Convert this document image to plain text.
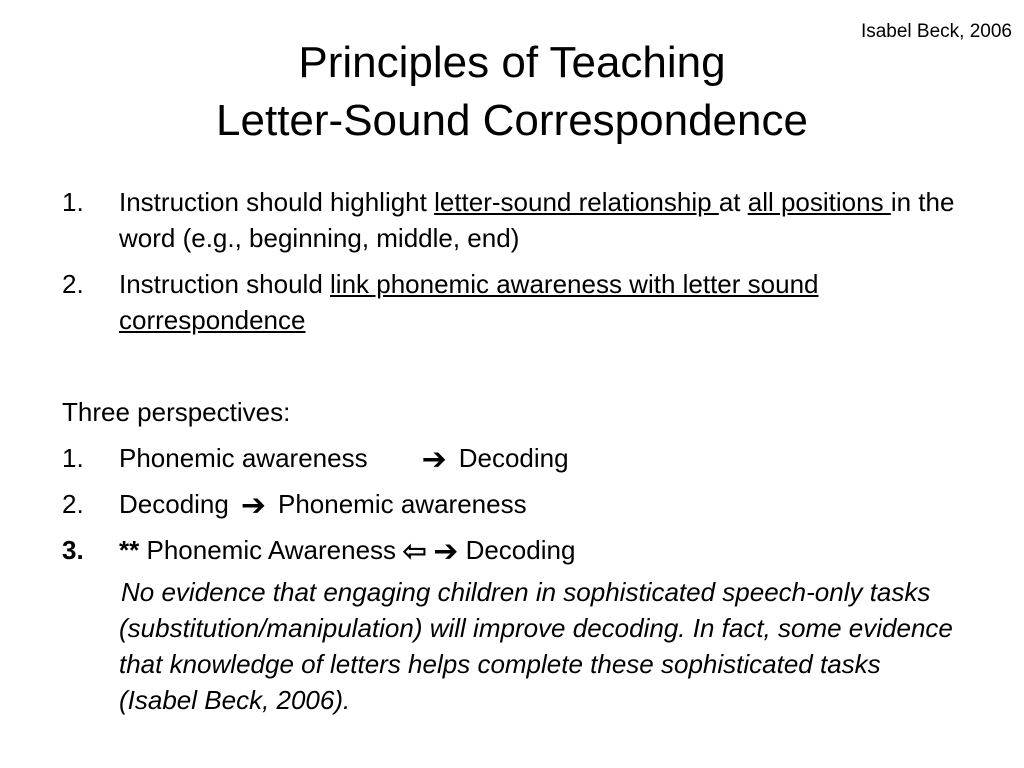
Isabel Beck, 2006
Principles of Teaching
Letter-Sound Correspondence
1.	Instruction should highlight letter-sound relationship at all positions in the word (e.g., beginning, middle, end)
2.	Instruction should link phonemic awareness with letter sound correspondence
Three perspectives:
1.	Phonemic awareness ➔ Decoding
2.	Decoding ➔ Phonemic awareness
3.	** Phonemic Awareness ⇦ ➔ Decoding
No evidence that engaging children in sophisticated speech-only tasks (substitution/manipulation) will improve decoding. In fact, some evidence that knowledge of letters helps complete these sophisticated tasks (Isabel Beck, 2006).
